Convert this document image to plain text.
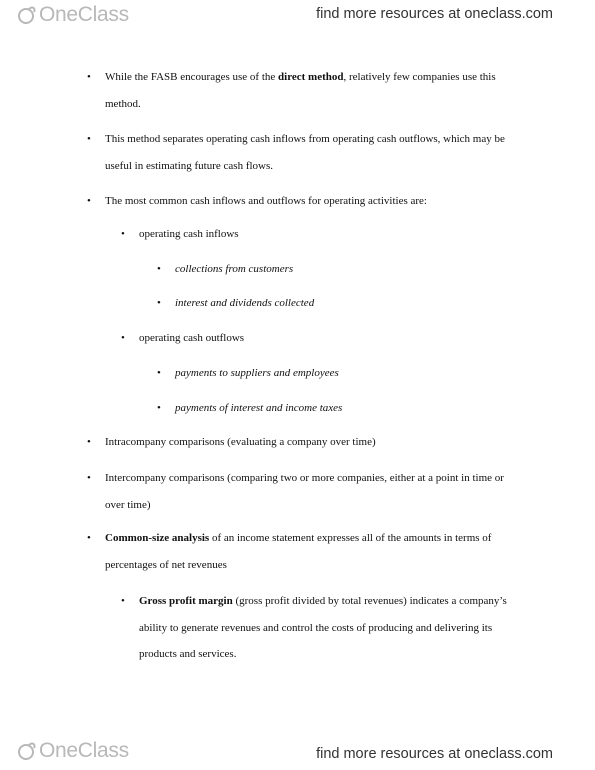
OneClass	find more resources at oneclass.com
• While the FASB encourages use of the direct method, relatively few companies use this method.
• This method separates operating cash inflows from operating cash outflows, which may be useful in estimating future cash flows.
• The most common cash inflows and outflows for operating activities are:
• operating cash inflows
• collections from customers
• interest and dividends collected
• operating cash outflows
• payments to suppliers and employees
• payments of interest and income taxes
• Intracompany comparisons (evaluating a company over time)
• Intercompany comparisons (comparing two or more companies, either at a point in time or over time)
• Common-size analysis of an income statement expresses all of the amounts in terms of percentages of net revenues
• Gross profit margin (gross profit divided by total revenues) indicates a company’s ability to generate revenues and control the costs of producing and delivering its products and services.
OneClass	find more resources at oneclass.com
